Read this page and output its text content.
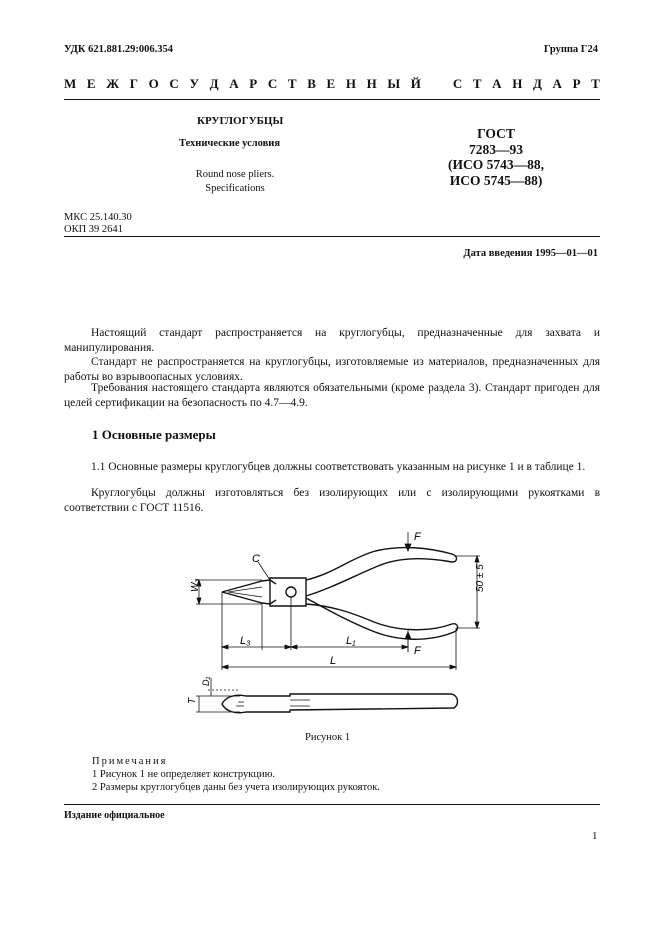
УДК 621.881.29:006.354	Группа Г24
М Е Ж Г О С У Д А Р С Т В Е Н Н Ы Й С Т А Н Д А Р Т
КРУГЛОГУБЦЫ
Технические условия
Round nose pliers.
Specifications
ГОСТ
7283—93
(ИСО 5743—88,
ИСО 5745—88)
МКС 25.140.30
ОКП 39 2641
Дата введения 1995—01—01

Настоящий стандарт распространяется на круглогубцы, предназначенные для захвата и манипулирования.

Стандарт не распространяется на круглогубцы, изготовляемые из материалов, предназначенных для работы во взрывоопасных условиях.

Требования настоящего стандарта являются обязательными (кроме раздела 3). Стандарт пригоден для целей сертификации на безопасность по 4.7—4.9.

1 Основные размеры

1.1 Основные размеры круглогубцев должны соответствовать указанным на рисунке 1 и в таблице 1.

Круглогубцы должны изготовляться без изолирующих или с изолирующими рукоятками в соответствии с ГОСТ 11516.

C
F
F
W₃	50 ± 5
L₃	L₁
L
T
D₁
Рисунок 1
Примечания
1 Рисунок 1 не определяет конструкцию.
2 Размеры круглогубцев даны без учета изолирующих рукояток.
Издание официальное
1
